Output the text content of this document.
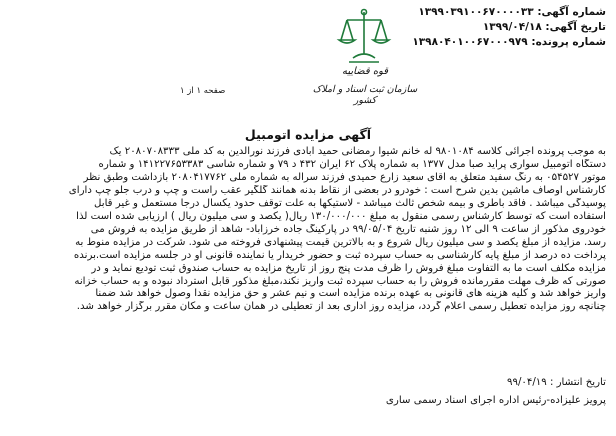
شماره آگهی: ۱۳۹۹۰۳۹۱۰۰۶۷۰۰۰۰۳۳
تاریخ آگهی: ۱۳۹۹/۰۴/۱۸
شماره پرونده: ۱۳۹۸۰۴۰۱۰۰۶۷۰۰۰۹۷۹
صفحه ۱ از ۱
قوه قضاییه
سازمان ثبت اسناد و املاک کشور
آگهی مزایده اتومبیل

به موجب پرونده اجرائی کلاسه ۹۸۰۱۰۸۴ له خانم شیوا رمضانی حمید آبادی فرزند نورالدین به کد ملی ۲۰۸۰۷۰۸۳۳۳ یک

دستگاه اتومبیل سواری پراید صبا مدل ۱۳۷۷ به شماره پلاک ۶۲ ایران ۴۳۲ د ۷۹ و شماره شاسی ۱۴۱۲۲۷۶۵۳۳۸۳ و شماره

موتور ۰۵۴۵۲۷ به رنگ سفید متعلق به آقای سعید زارع حمیدی فرزند سراله به شماره ملی ۲۰۸۰۴۱۷۷۶۲ بازداشت وطبق نظر

کارشناس اوصاف ماشین بدین شرح است : خودرو در بعضی از نقاط بدنه همانند گلگیر عقب راست و چپ و درب جلو چپ دارای

پوسیدگی میباشد . فاقد باطری و بیمه شخص ثالث میباشد - لاستیکها به علت توقف حدود یکسال درجا مستعمل و غیر قابل

استفاده است که توسط کارشناس رسمی منقول به مبلغ ۱۳۰/۰۰۰/۰۰۰ ریال( یکصد و سی میلیون ریال ) ارزیابی شده است لذا

خودروی مذکور از ساعت ۹ الی ۱۲ روز شنبه تاریخ ۹۹/۰۵/۰۴ در پارکینگ جاده خرزآباد- شاهد از طریق مزایده به فروش می

رسد. مزایده از مبلغ یکصد و سی میلیون ریال شروع و به بالاترین قیمت پیشنهادی فروخته می شود. شرکت در مزایده منوط به

پرداخت ده درصد از مبلغ پایه کارشناسی به حساب سپرده ثبت و حضور خریدار یا نماینده قانونی او در جلسه مزایده است.برنده

مزایده مکلف است ما به التفاوت مبلغ فروش را ظرف مدت پنج روز از تاریخ مزایده به حساب صندوق ثبت تودیع نماید و در

صورتی که ظرف مهلت مقررمانده فروش را به حساب سپرده ثبت واریز نکند،مبلغ مذکور قابل استرداد نبوده و به حساب خزانه

واریز خواهد شد و کلیه هزینه های قانونی به عهده برنده مزایده است و نیم عشر و حق مزایده نقداً وصول خواهد شد ضمناً

چنانچه روز مزایده تعطیل رسمی اعلام گردد، مزایده روز اداری بعد از تعطیلی در همان ساعت و مکان مقرر برگزار خواهد شد.

تاریخ انتشار : ۹۹/۰۴/۱۹
پرویز علیزاده-رئیس اداره اجرای اسناد رسمی ساری
